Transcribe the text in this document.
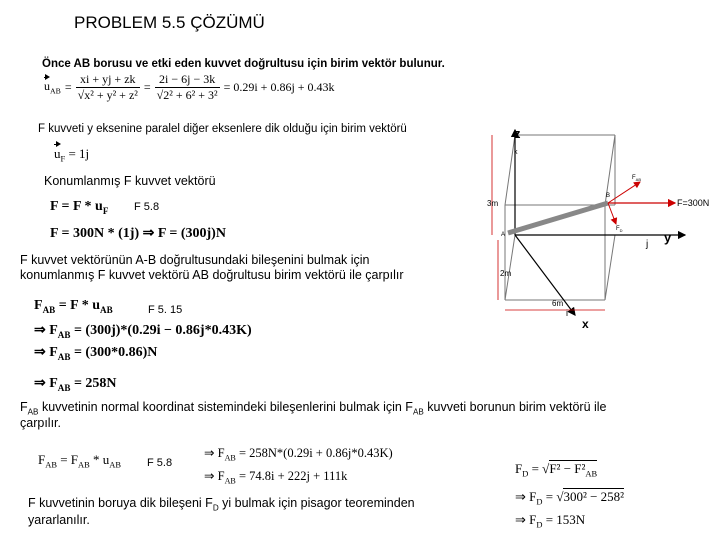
PROBLEM 5.5 ÇÖZÜMÜ
Önce AB borusu ve etki eden kuvvet doğrultusu için birim vektör bulunur.
$u_{AB} = \frac{xi + yj + zk}{\text{√x² + y² + z²}} = \frac{2i - 6j - 3k}{\text{√2² + 6² + 3²}} = 0.29i + 0.86j + 0.43k$
F kuvveti y eksenine paralel diğer eksenlere dik olduğu için birim vektörü
$u_F = 1j$
Konumlanmış F kuvvet vektörü
$F = F * u_F$ F 5.8
F = 300N * (1j) ⇒ F = (300j)N
F kuvvet vektörünün A-B doğrultusundaki bileşenini bulmak için
konumlanmış F kuvvet vektörü AB doğrultusu birim vektörü ile çarpılır
$F_{AB} = F * u_{AB}$	F 5. 15
⇒ $F_{AB} = (300j)*(0.29i - 0.86j*0.43K)$
⇒ $F_{AB} = (300*0.86)N$
⇒ $F_{AB} = 258N$
$F_{AB}$ kuvvetinin normal koordinat sistemindeki bileşenlerini bulmak için $F_{AB}$ kuvveti borunun birim vektörü ile
çarpılır.
$F_{AB} = F_{AB} * u_{AB}$ F 5.8
⇒ $F_{AB} = 258N*(0.29i + 0.86j*0.43K)$
⇒ $F_{AB} = 74.8i + 222j + 111k$
F kuvvetinin boruya dik bileşeni $F_D$ yi bulmak için pisagor teoreminden
yararlanılır.
$F_D = √F^2 - F^2_{AB}$
⇒ $F_D = √300^2 - 258^2$
⇒ $F_D = 153N$
z
k
y
j
x
i
B
A
F=300N
$F_{AB}$
$F_D$
3m
2m
6m
